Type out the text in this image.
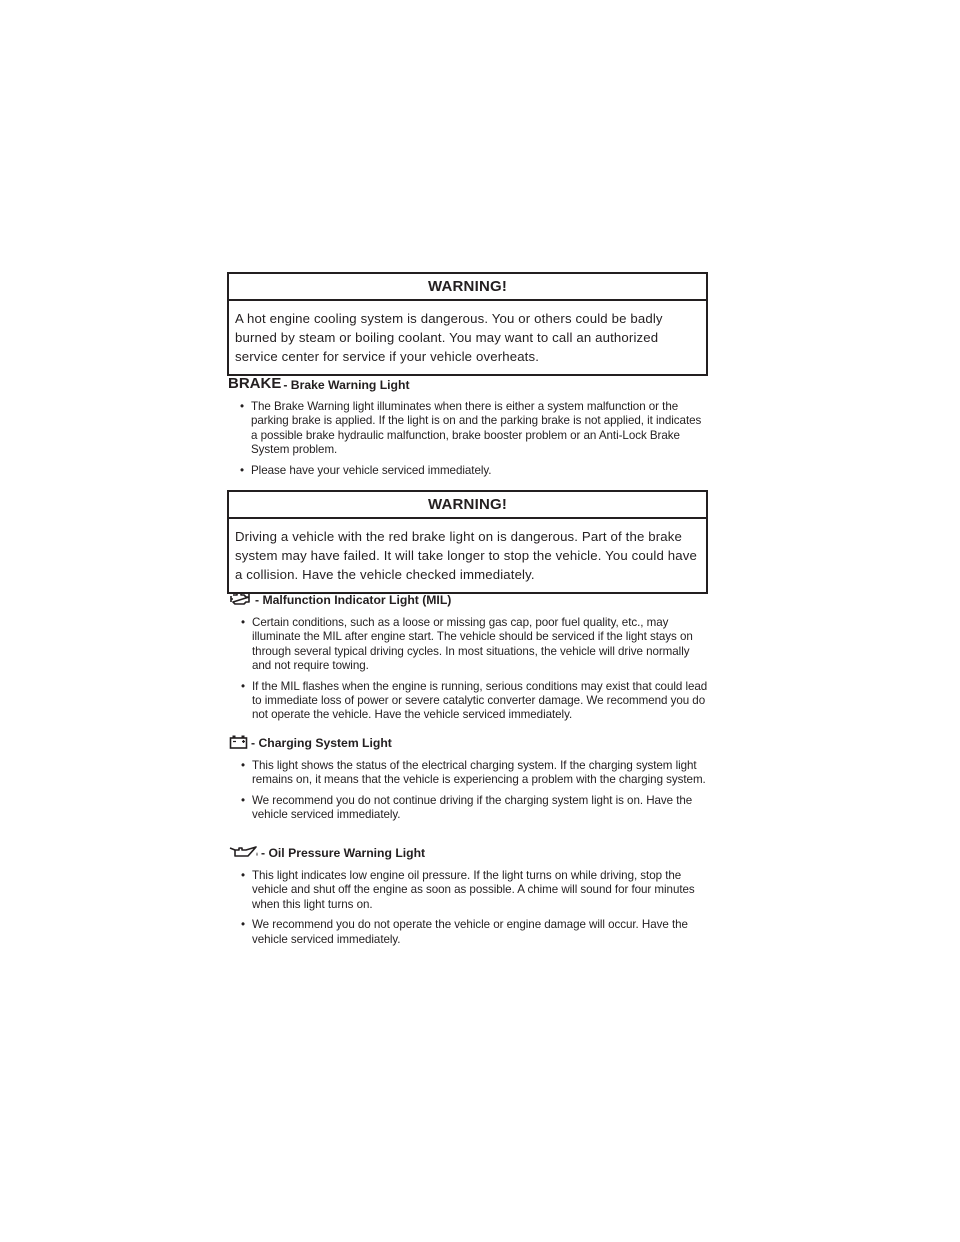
WARNING!
A hot engine cooling system is dangerous. You or others could be badly burned by steam or boiling coolant. You may want to call an authorized service center for service if your vehicle overheats.
BRAKE - Brake Warning Light
• The Brake Warning light illuminates when there is either a system malfunction or the parking brake is applied. If the light is on and the parking brake is not applied, it indicates a possible brake hydraulic malfunction, brake booster problem or an Anti-Lock Brake System problem.
• Please have your vehicle serviced immediately.
WARNING!
Driving a vehicle with the red brake light on is dangerous. Part of the brake system may have failed. It will take longer to stop the vehicle. You could have a collision. Have the vehicle checked immediately.
- Malfunction Indicator Light (MIL)
• Certain conditions, such as a loose or missing gas cap, poor fuel quality, etc., may illuminate the MIL after engine start. The vehicle should be serviced if the light stays on through several typical driving cycles. In most situations, the vehicle will drive normally and not require towing.
• If the MIL flashes when the engine is running, serious conditions may exist that could lead to immediate loss of power or severe catalytic converter damage. We recommend you do not operate the vehicle. Have the vehicle serviced immediately.
- Charging System Light
• This light shows the status of the electrical charging system. If the charging system light remains on, it means that the vehicle is experiencing a problem with the charging system.
• We recommend you do not continue driving if the charging system light is on. Have the vehicle serviced immediately.
- Oil Pressure Warning Light
• This light indicates low engine oil pressure. If the light turns on while driving, stop the vehicle and shut off the engine as soon as possible. A chime will sound for four minutes when this light turns on.
• We recommend you do not operate the vehicle or engine damage will occur. Have the vehicle serviced immediately.
